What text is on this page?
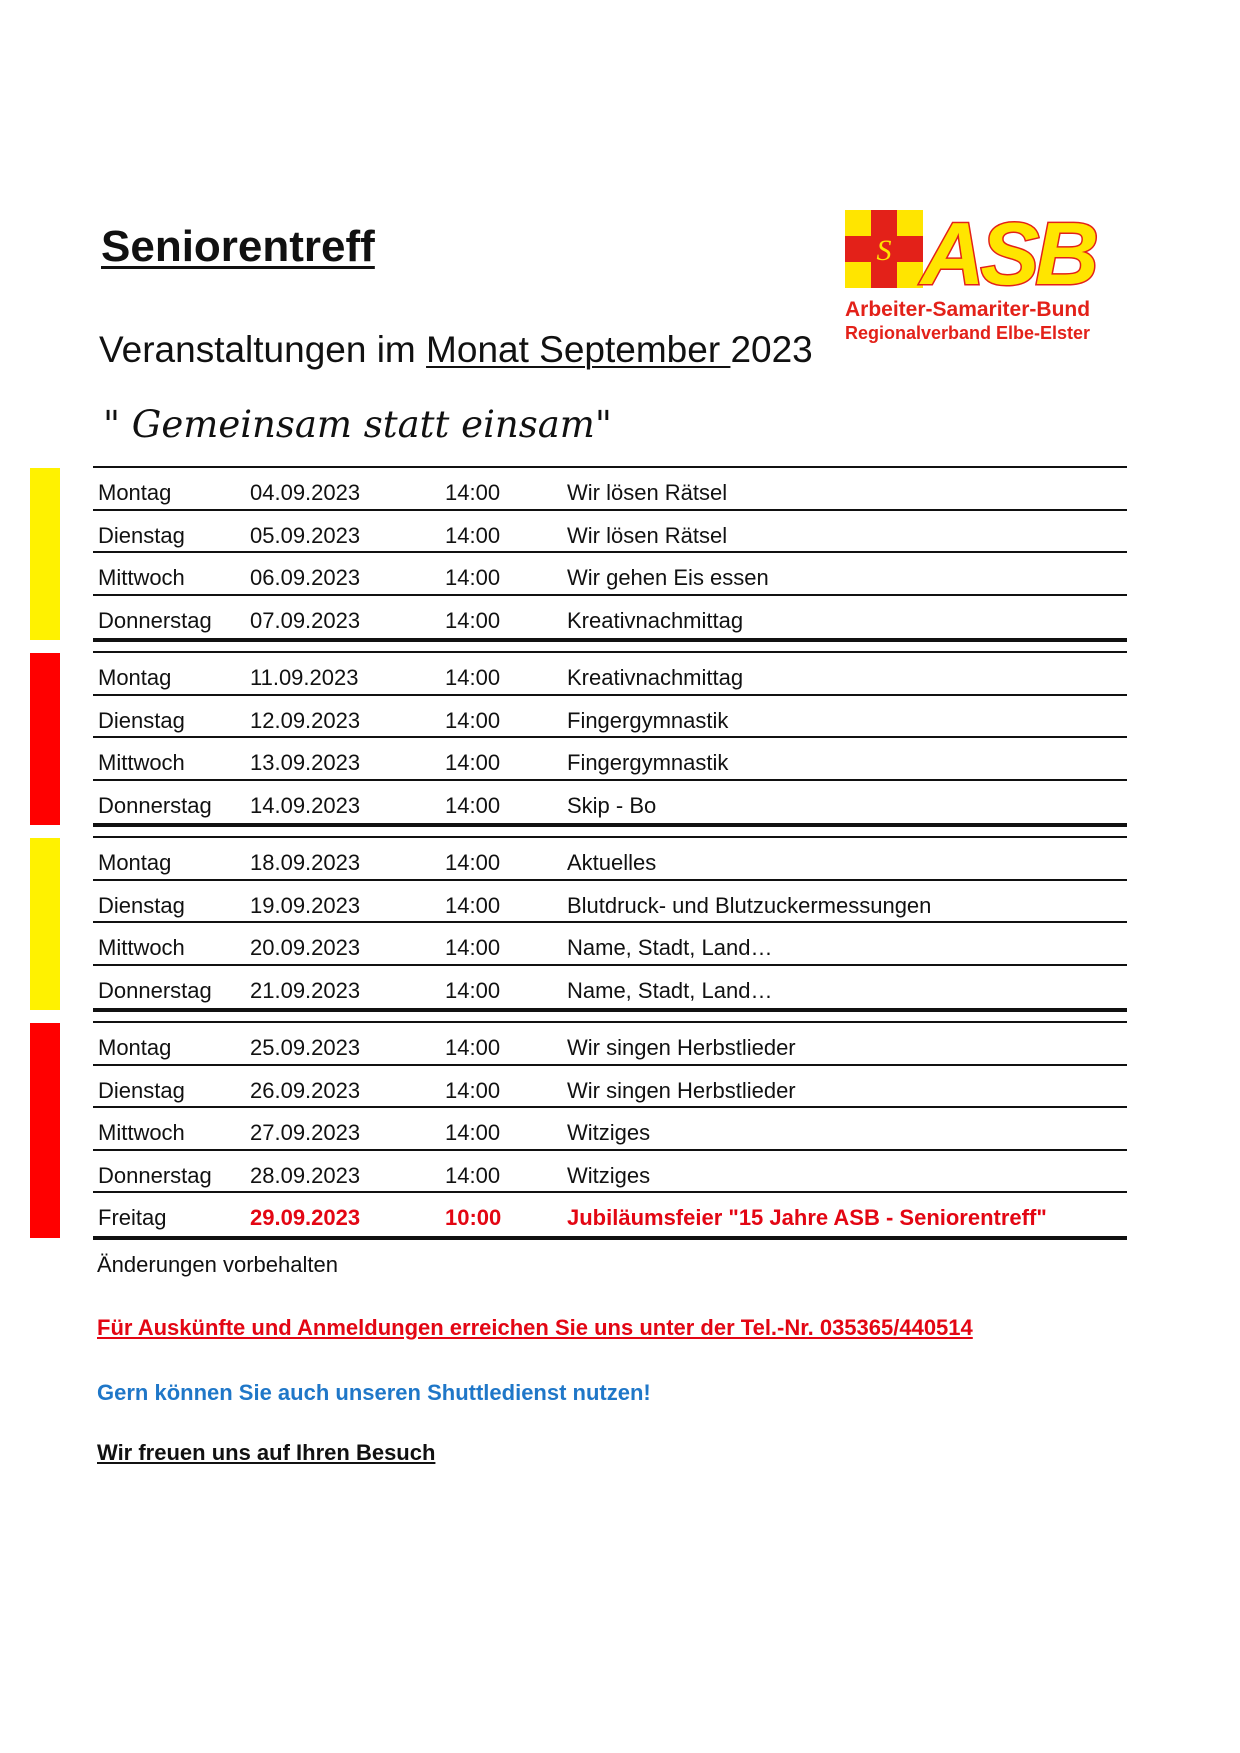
Seniorentreff
Veranstaltungen im Monat September 2023
" Gemeinsam statt einsam"
S ASB
Arbeiter-Samariter-Bund
Regionalverband Elbe-Elster
Montag	04.09.2023	14:00	Wir lösen Rätsel
Dienstag	05.09.2023	14:00	Wir lösen Rätsel
Mittwoch	06.09.2023	14:00	Wir gehen Eis essen
Donnerstag 07.09.2023	14:00	Kreativnachmittag
Montag	11.09.2023	14:00	Kreativnachmittag
Dienstag	12.09.2023	14:00	Fingergymnastik
Mittwoch	13.09.2023	14:00	Fingergymnastik
Donnerstag 14.09.2023	14:00	Skip - Bo
Montag	18.09.2023	14:00	Aktuelles
Dienstag	19.09.2023	14:00	Blutdruck- und Blutzuckermessungen
Mittwoch	20.09.2023	14:00	Name, Stadt, Land…
Donnerstag 21.09.2023	14:00	Name, Stadt, Land…
Montag	25.09.2023	14:00	Wir singen Herbstlieder
Dienstag	26.09.2023	14:00	Wir singen Herbstlieder
Mittwoch	27.09.2023	14:00	Witziges
Donnerstag 28.09.2023	14:00	Witziges
Freitag	29.09.2023	10:00	Jubiläumsfeier "15 Jahre ASB - Seniorentreff"
Änderungen vorbehalten
Für Auskünfte und Anmeldungen erreichen Sie uns unter der Tel.-Nr. 035365/440514
Gern können Sie auch unseren Shuttledienst nutzen!
Wir freuen uns auf Ihren Besuch
